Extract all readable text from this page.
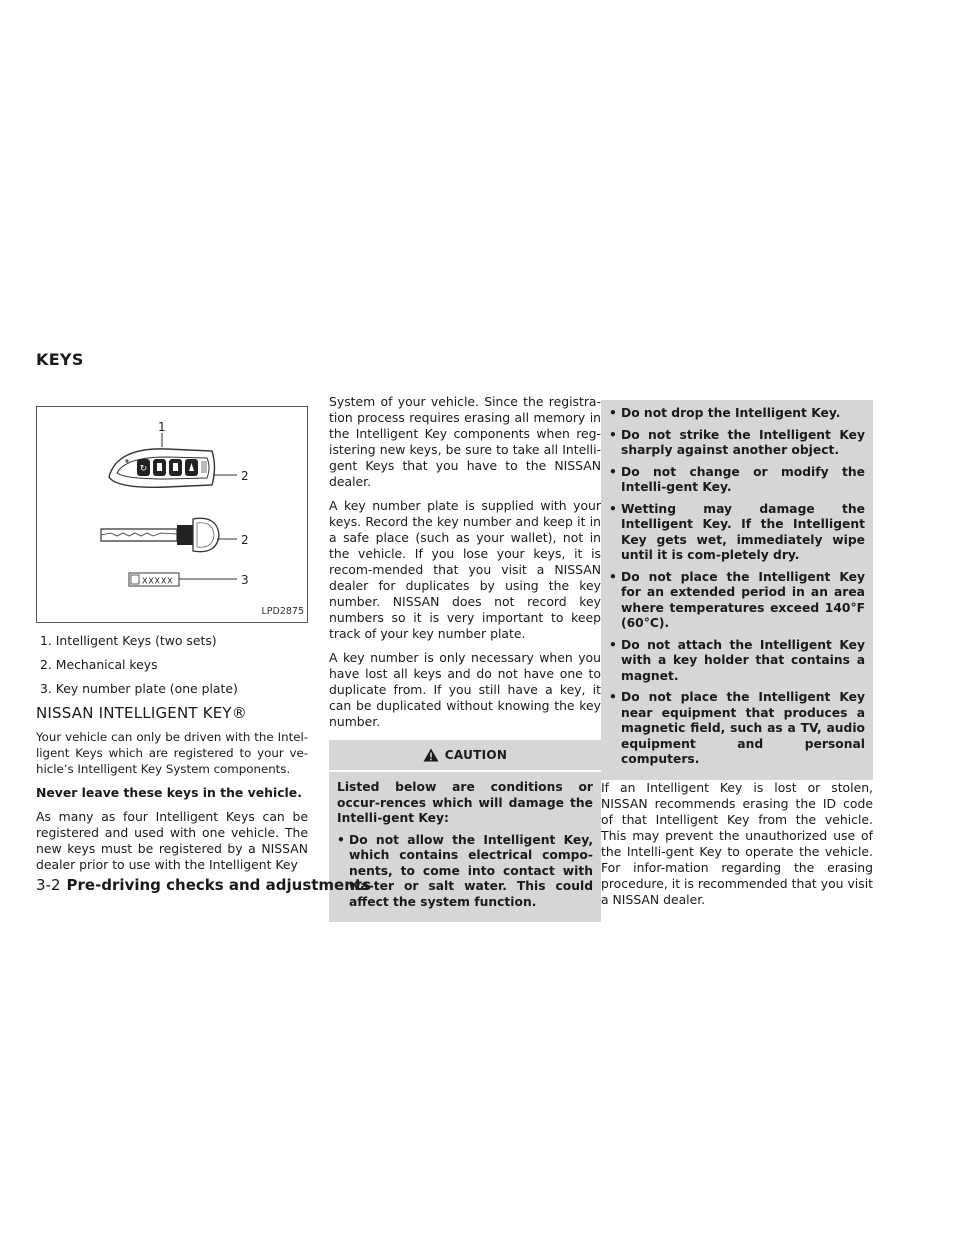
KEYS
↻
1
2
2
XXXXX	3
LPD2875
1. Intelligent Keys (two sets)
2. Mechanical keys
3. Key number plate (one plate)
NISSAN INTELLIGENT KEY®

Your vehicle can only be driven with the Intel-ligent Keys which are registered to your ve-hicle’s Intelligent Key System components.

Never leave these keys in the vehicle.

As many as four Intelligent Keys can be registered and used with one vehicle. The new keys must be registered by a NISSAN dealer prior to use with the Intelligent Key

System of your vehicle. Since the registra-tion process requires erasing all memory in the Intelligent Key components when reg-istering new keys, be sure to take all Intelli-gent Keys that you have to the NISSAN dealer.

A key number plate is supplied with your keys. Record the key number and keep it in a safe place (such as your wallet), not in the vehicle. If you lose your keys, it is recom-mended that you visit a NISSAN dealer for duplicates by using the key number. NISSAN does not record key numbers so it is very important to keep track of your key number plate.

A key number is only necessary when you have lost all keys and do not have one to duplicate from. If you still have a key, it can be duplicated without knowing the key number.

CAUTION

Listed below are conditions or occur-rences which will damage the Intelli-gent Key:

• Do not allow the Intelligent Key, which contains electrical compo-nents, to come into contact with wa-ter or salt water. This could affect the system function.
• Do not drop the Intelligent Key.
• Do not strike the Intelligent Key sharply against another object.
• Do not change or modify the Intelli-gent Key.
• Wetting may damage the Intelligent Key. If the Intelligent Key gets wet, immediately wipe until it is com-pletely dry.
• Do not place the Intelligent Key for an extended period in an area where temperatures exceed 140°F (60°C).
• Do not attach the Intelligent Key with a key holder that contains a magnet.
• Do not place the Intelligent Key near equipment that produces a magnetic field, such as a TV, audio equipment and personal computers.

If an Intelligent Key is lost or stolen, NISSAN recommends erasing the ID code of that Intelligent Key from the vehicle. This may prevent the unauthorized use of the Intelli-gent Key to operate the vehicle. For infor-mation regarding the erasing procedure, it is recommended that you visit a NISSAN dealer.

3-2 Pre-driving checks and adjustments
